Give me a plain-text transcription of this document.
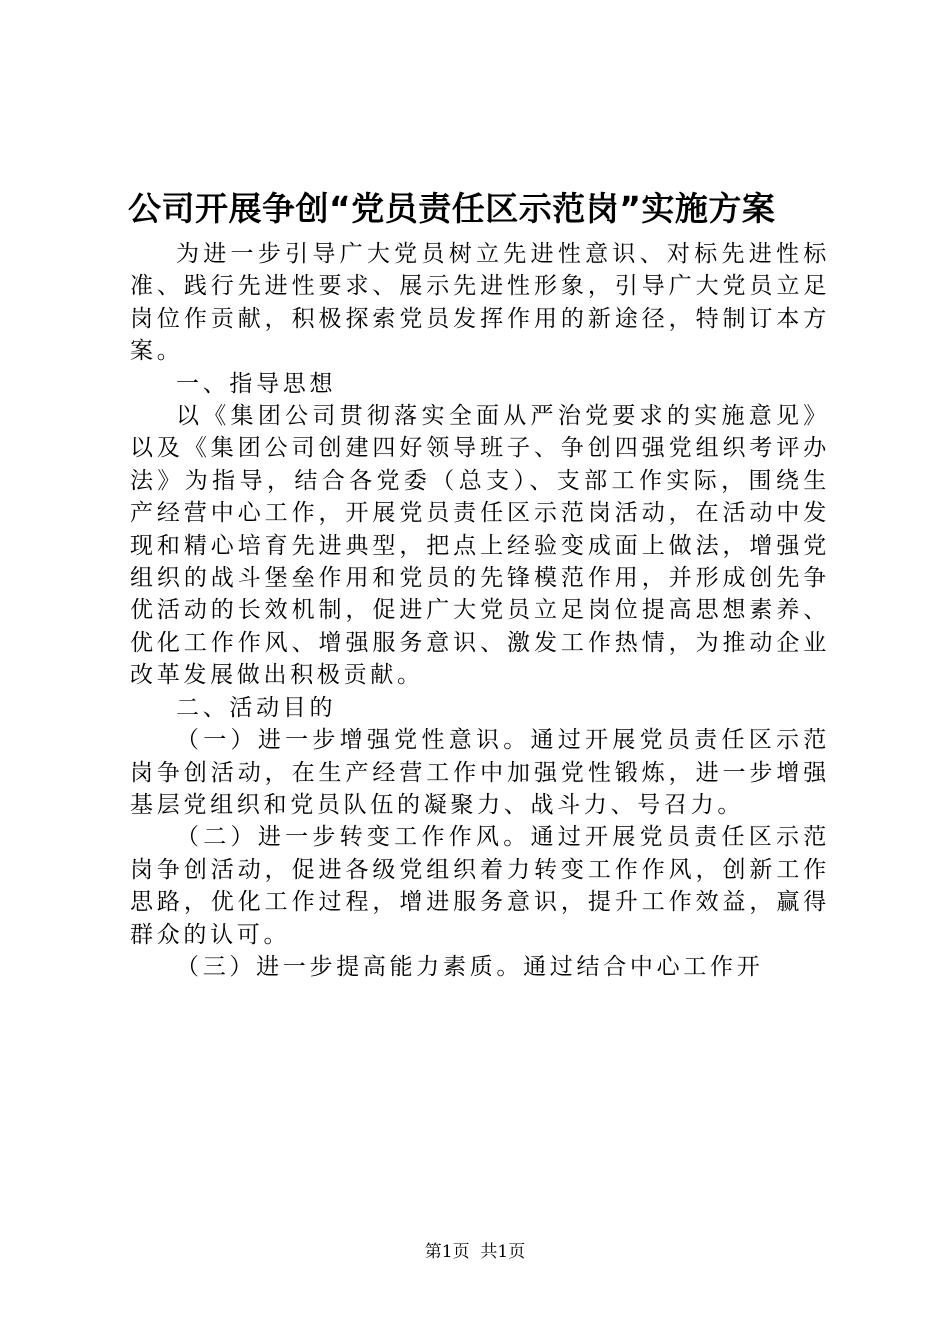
公司开展争创“党员责任区示范岗”实施方案

为进一步引导广大党员树立先进性意识、对标先进性标准、践行先进性要求、展示先进性形象，引导广大党员立足岗位作贡献，积极探索党员发挥作用的新途径，特制订本方案。

一、指导思想

以《集团公司贯彻落实全面从严治党要求的实施意见》以及《集团公司创建四好领导班子、争创四强党组织考评办法》为指导，结合各党委（总支）、支部工作实际，围绕生产经营中心工作，开展党员责任区示范岗活动，在活动中发现和精心培育先进典型，把点上经验变成面上做法，增强党组织的战斗堡垒作用和党员的先锋模范作用，并形成创先争优活动的长效机制，促进广大党员立足岗位提高思想素养、优化工作作风、增强服务意识、激发工作热情，为推动企业改革发展做出积极贡献。

二、活动目的

（一）进一步增强党性意识。通过开展党员责任区示范岗争创活动，在生产经营工作中加强党性锻炼，进一步增强基层党组织和党员队伍的凝聚力、战斗力、号召力。

（二）进一步转变工作作风。通过开展党员责任区示范岗争创活动，促进各级党组织着力转变工作作风，创新工作思路，优化工作过程，增进服务意识，提升工作效益，赢得群众的认可。

（三）进一步提高能力素质。通过结合中心工作开

第1页  共1页
